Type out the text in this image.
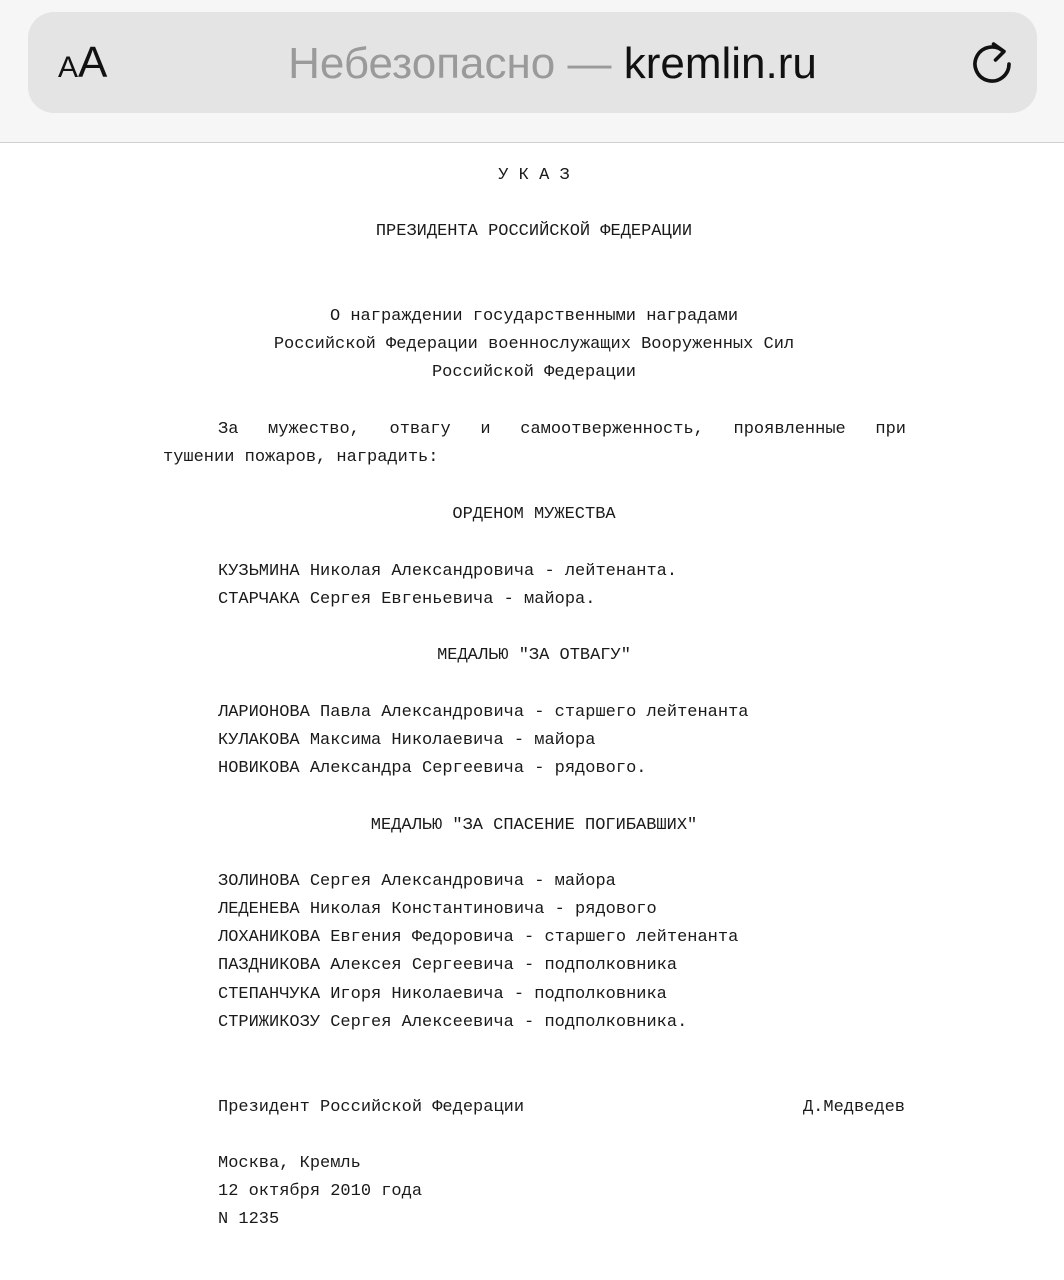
AA	Небезопасно — kremlin.ru
У К А З
ПРЕЗИДЕНТА РОССИЙСКОЙ ФЕДЕРАЦИИ
О награждении государственными наградами
Российской Федерации военнослужащих Вооруженных Сил
Российской Федерации
За мужество, отвагу и самоотверженность, проявленные при
тушении пожаров, наградить:
ОРДЕНОМ МУЖЕСТВА
КУЗЬМИНА Николая Александровича - лейтенанта.
СТАРЧАКА Сергея Евгеньевича - майора.
МЕДАЛЬЮ "ЗА ОТВАГУ"
ЛАРИОНОВА Павла Александровича - старшего лейтенанта
КУЛАКОВА Максима Николаевича - майора
НОВИКОВА Александра Сергеевича - рядового.
МЕДАЛЬЮ "ЗА СПАСЕНИЕ ПОГИБАВШИХ"
ЗОЛИНОВА Сергея Александровича - майора
ЛЕДЕНЕВА Николая Константиновича - рядового
ЛОХАНИКОВА Евгения Федоровича - старшего лейтенанта
ПАЗДНИКОВА Алексея Сергеевича - подполковника
СТЕПАНЧУКА Игоря Николаевича - подполковника
СТРИЖИКОЗУ Сергея Алексеевича - подполковника.
Президент Российской Федерации	Д.Медведев
Москва, Кремль
12 октября 2010 года
N 1235
